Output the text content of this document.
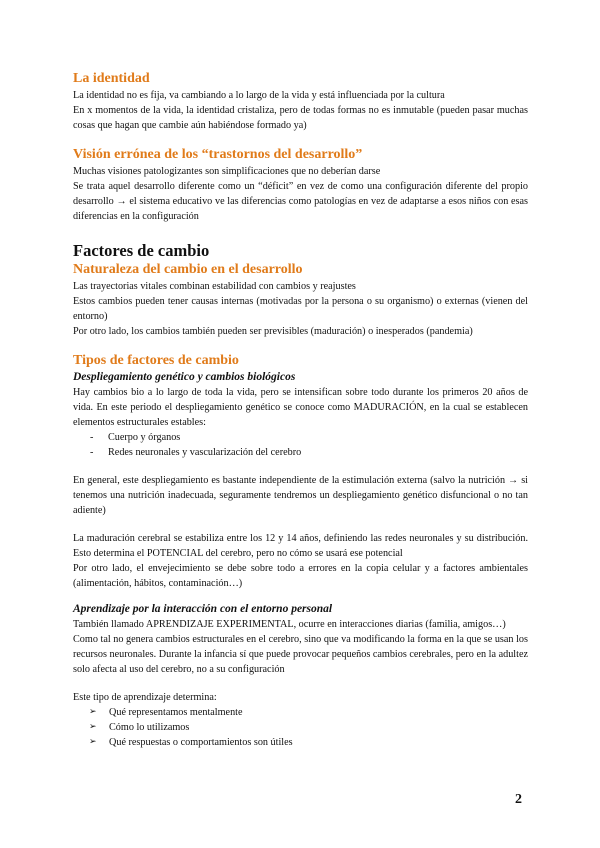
La identidad

La identidad no es fija, va cambiando a lo largo de la vida y está influenciada por la cultura

En x momentos de la vida, la identidad cristaliza, pero de todas formas no es inmutable (pueden pasar muchas cosas que hagan que cambie aún habiéndose formado ya)

Visión errónea de los “trastornos del desarrollo”

Muchas visiones patologizantes son simplificaciones que no deberían darse

Se trata aquel desarrollo diferente como un “déficit” en vez de como una configuración diferente del propio desarrollo → el sistema educativo ve las diferencias como patologías en vez de adaptarse a esos niños con esas diferencias en la configuración

Factores de cambio
Naturaleza del cambio en el desarrollo

Las trayectorias vitales combinan estabilidad con cambios y reajustes

Estos cambios pueden tener causas internas (motivadas por la persona o su organismo) o externas (vienen del entorno)

Por otro lado, los cambios también pueden ser previsibles (maduración) o inesperados (pandemia)

Tipos de factores de cambio
Despliegamiento genético y cambios biológicos

Hay cambios bio a lo largo de toda la vida, pero se intensifican sobre todo durante los primeros 20 años de vida. En este periodo el despliegamiento genético se conoce como MADURACIÓN, en la cual se establecen elementos estructurales estables:

- Cuerpo y órganos
- Redes neuronales y vascularización del cerebro

En general, este despliegamiento es bastante independiente de la estimulación externa (salvo la nutrición → si tenemos una nutrición inadecuada, seguramente tendremos un despliegamiento genético disfuncional o no tan adiente)

La maduración cerebral se estabiliza entre los 12 y 14 años, definiendo las redes neuronales y su distribución. Esto determina el POTENCIAL del cerebro, pero no cómo se usará ese potencial

Por otro lado, el envejecimiento se debe sobre todo a errores en la copia celular y a factores ambientales (alimentación, hábitos, contaminación…)

Aprendizaje por la interacción con el entorno personal

También llamado APRENDIZAJE EXPERIMENTAL, ocurre en interacciones diarias (familia, amigos…)

Como tal no genera cambios estructurales en el cerebro, sino que va modificando la forma en la que se usan los recursos neuronales. Durante la infancia sí que puede provocar pequeños cambios cerebrales, pero en la adultez solo afecta al uso del cerebro, no a su configuración

Este tipo de aprendizaje determina:

➢ Qué representamos mentalmente
➢ Cómo lo utilizamos
➢ Qué respuestas o comportamientos son útiles
2
